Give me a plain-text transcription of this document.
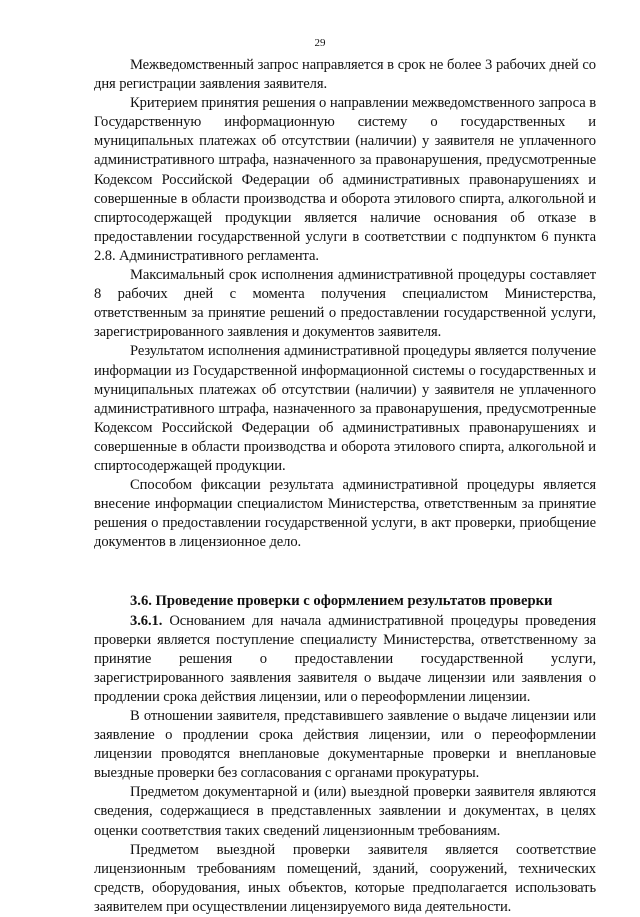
29

Межведомственный запрос направляется в срок не более 3 рабочих дней со дня регистрации заявления заявителя.

Критерием принятия решения о направлении межведомственного запроса в Государственную информационную систему о государственных и муниципальных платежах об отсутствии (наличии) у заявителя не уплаченного административного штрафа, назначенного за правонарушения, предусмотренные Кодексом Российской Федерации об административных правонарушениях и совершенные в области производства и оборота этилового спирта, алкогольной и спиртосодержащей продукции является наличие основания об отказе в предоставлении государственной услуги в соответствии с подпунктом 6 пункта 2.8. Административного регламента.

Максимальный срок исполнения административной процедуры составляет 8 рабочих дней с момента получения специалистом Министерства, ответственным за принятие решений о предоставлении государственной услуги, зарегистрированного заявления и документов заявителя.

Результатом исполнения административной процедуры является получение информации из Государственной информационной системы о государственных и муниципальных платежах об отсутствии (наличии) у заявителя не уплаченного административного штрафа, назначенного за правонарушения, предусмотренные Кодексом Российской Федерации об административных правонарушениях и совершенные в области производства и оборота этилового спирта, алкогольной и спиртосодержащей продукции.

Способом фиксации результата административной процедуры является внесение информации специалистом Министерства, ответственным за принятие решения о предоставлении государственной услуги, в акт проверки, приобщение документов в лицензионное дело.

3.6. Проведение проверки с оформлением результатов проверки

3.6.1. Основанием для начала административной процедуры проведения проверки является поступление специалисту Министерства, ответственному за принятие решения о предоставлении государственной услуги, зарегистрированного заявления заявителя о выдаче лицензии или заявления о продлении срока действия лицензии, или о переоформлении лицензии.

В отношении заявителя, представившего заявление о выдаче лицензии или заявление о продлении срока действия лицензии, или о переоформлении лицензии проводятся внеплановые документарные проверки и внеплановые выездные проверки без согласования с органами прокуратуры.

Предметом документарной и (или) выездной проверки заявителя являются сведения, содержащиеся в представленных заявлении и документах, в целях оценки соответствия таких сведений лицензионным требованиям.

Предметом выездной проверки заявителя является соответствие лицензионным требованиям помещений, зданий, сооружений, технических средств, оборудования, иных объектов, которые предполагается использовать заявителем при осуществлении лицензируемого вида деятельности.
